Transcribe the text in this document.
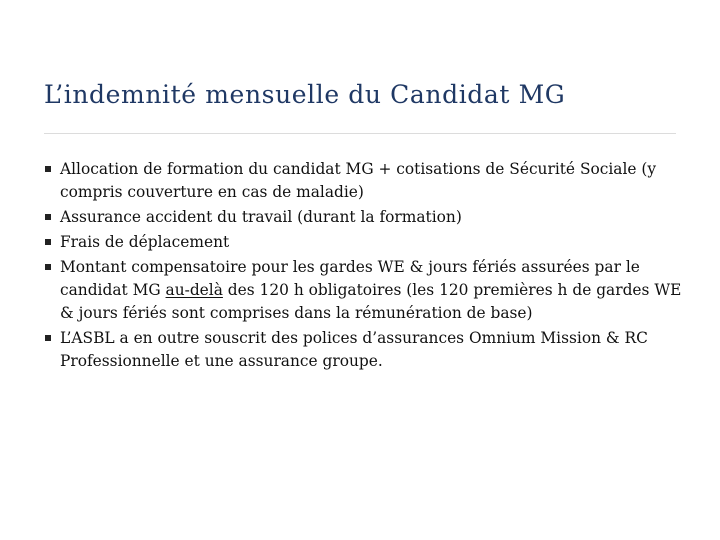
L’indemnité mensuelle du Candidat MG
Allocation de formation du candidat MG + cotisations de Sécurité Sociale (y compris couverture en cas de maladie)
Assurance accident du travail (durant la formation)
Frais de déplacement
Montant compensatoire pour les gardes WE & jours fériés assurées par le candidat MG au-delà des 120 h obligatoires (les 120 premières h de gardes WE & jours fériés sont comprises dans la rémunération de base)
L’ASBL a en outre souscrit des polices d’assurances Omnium Mission & RC Professionnelle et une assurance groupe.
